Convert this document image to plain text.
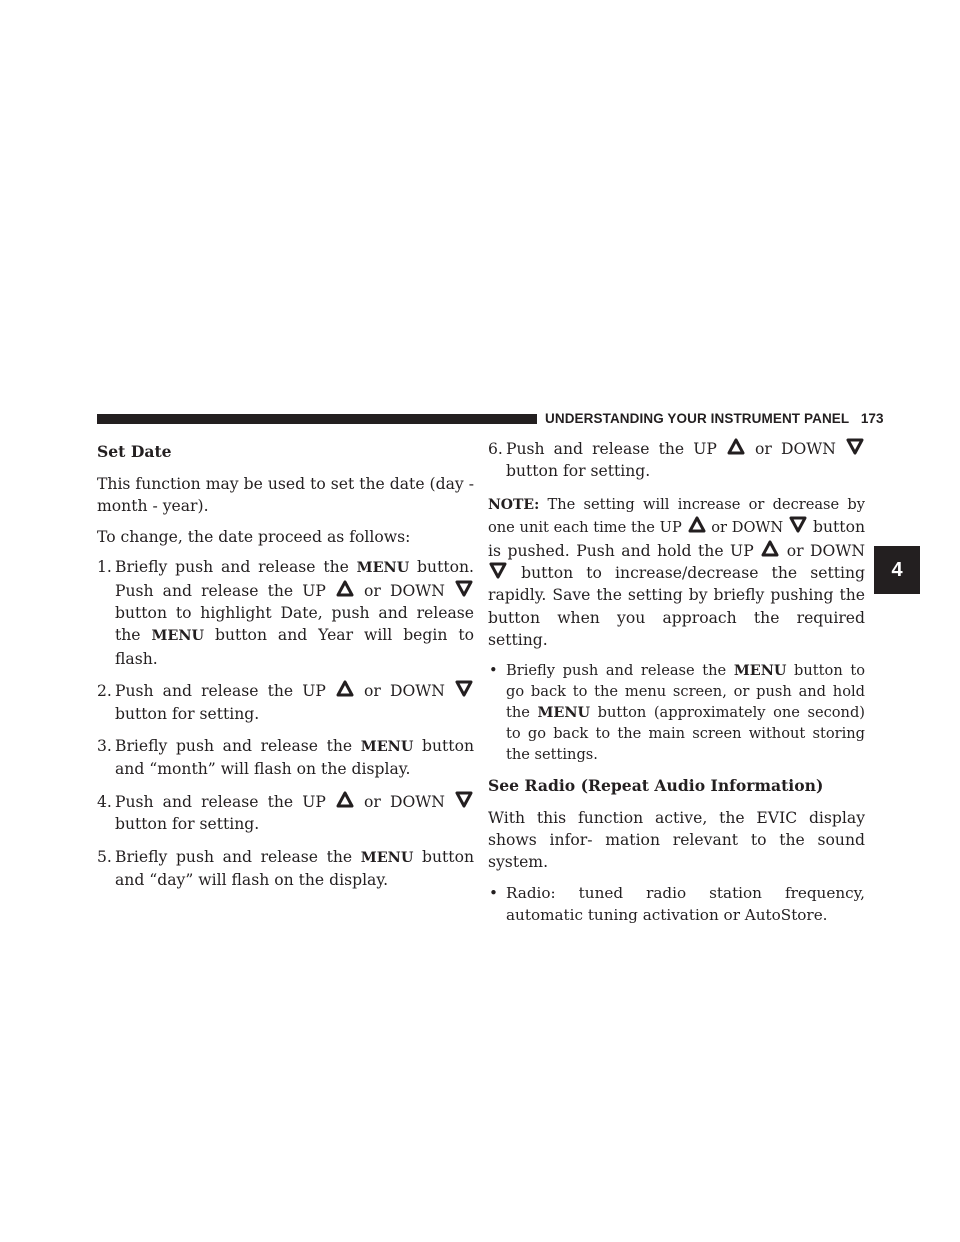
UNDERSTANDING YOUR INSTRUMENT PANEL 173
4
Set Date

This function may be used to set the date (day - month - year).

To change, the date proceed as follows:

1. Briefly push and release the MENU button. Push and release the UP
or DOWN
button to highlight Date, push and release the MENU button and Year will begin to flash.
2. Push and release the UP
or DOWN
button for setting.
3. Briefly push and release the MENU button and “month” will flash on the display.
4. Push and release the UP
or DOWN
button for setting.
5. Briefly push and release the MENU button and “day” will flash on the display.
6. Push and release the UP
or DOWN
button for setting.

NOTE: The setting will increase or decrease by one unit each time the UP
or DOWN
button is pushed. Push and hold the UP
or DOWN
button to increase/decrease the setting rapidly. Save the setting by briefly pushing the button when you approach the required setting.

• Briefly push and release the MENU button to go back to the menu screen, or push and hold the MENU button (approximately one second) to go back to the main screen without storing the settings.
See Radio (Repeat Audio Information)

With this function active, the EVIC display shows infor- mation relevant to the sound system.

• Radio: tuned radio station frequency, automatic tuning activation or AutoStore.
